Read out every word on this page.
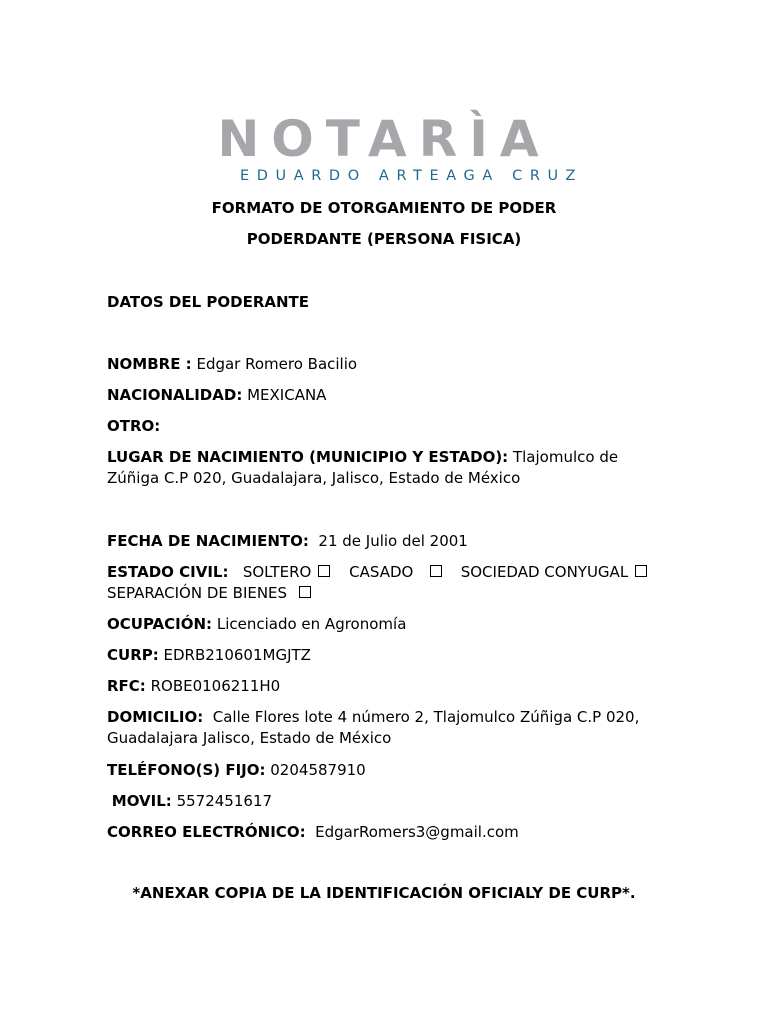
NOTARÌA
EDUARDO ARTEAGA CRUZ
FORMATO DE OTORGAMIENTO DE PODER
PODERDANTE (PERSONA FISICA)
DATOS DEL PODERANTE
NOMBRE : Edgar Romero Bacilio
NACIONALIDAD: MEXICANA
OTRO:
LUGAR DE NACIMIENTO (MUNICIPIO Y ESTADO): Tlajomulco de
Zúñiga C.P 020, Guadalajara, Jalisco, Estado de México
FECHA DE NACIMIENTO: 21 de Julio del 2001
ESTADO CIVIL: SOLTERO	CASADO	SOCIEDAD CONYUGAL
SEPARACIÓN DE BIENES
OCUPACIÓN: Licenciado en Agronomía
CURP: EDRB210601MGJTZ
RFC: ROBE0106211H0
DOMICILIO: Calle Flores lote 4 número 2, Tlajomulco Zúñiga C.P 020,
Guadalajara Jalisco, Estado de México
TELÉFONO(S) FIJO: 0204587910
MOVIL: 5572451617
CORREO ELECTRÓNICO: EdgarRomers3@gmail.com
*ANEXAR COPIA DE LA IDENTIFICACIÓN OFICIALY DE CURP*.
